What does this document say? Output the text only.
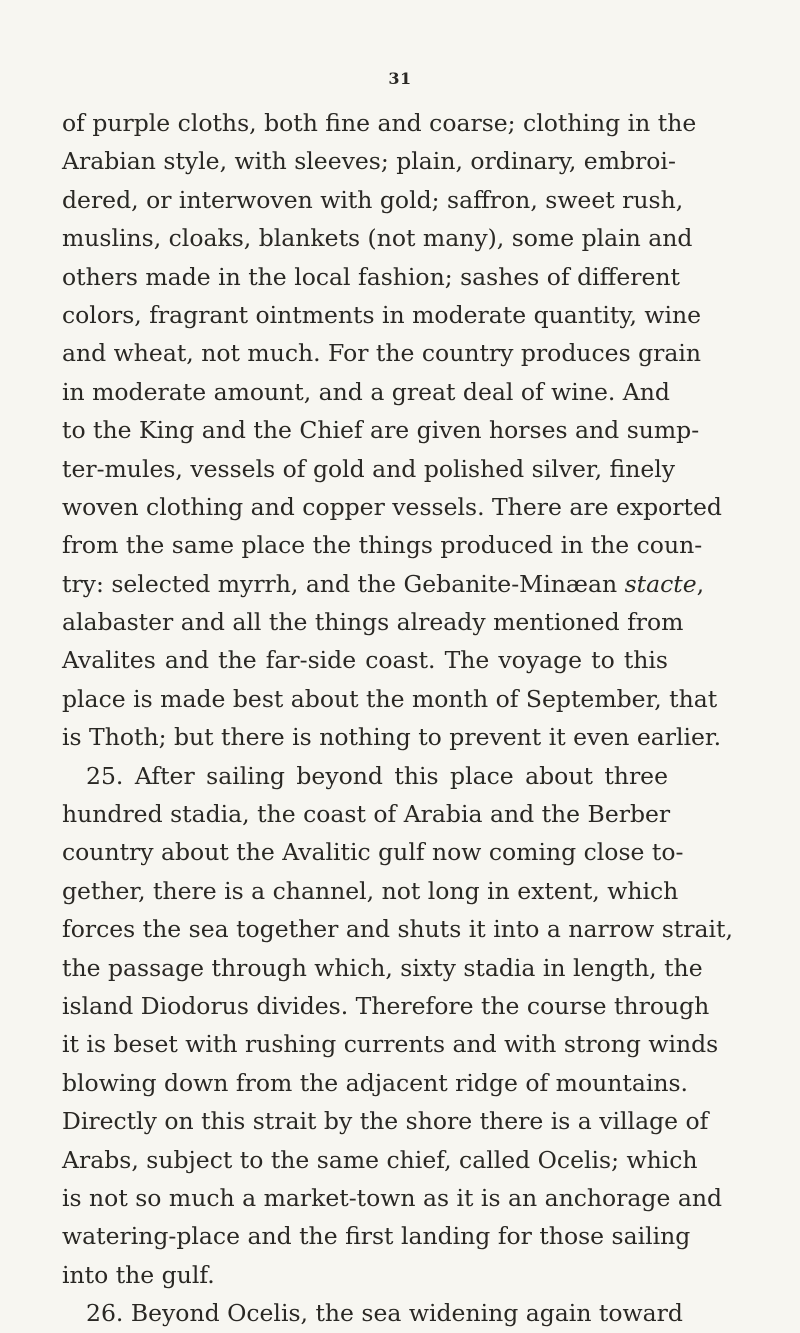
31
of purple cloths, both fine and coarse; clothing in the
Arabian style, with sleeves; plain, ordinary, embroi-
dered, or interwoven with gold; saffron, sweet rush,
muslins, cloaks, blankets (not many), some plain and
others made in the local fashion; sashes of different
colors, fragrant ointments in moderate quantity, wine
and wheat, not much. For the country produces grain
in moderate amount, and a great deal of wine. And
to the King and the Chief are given horses and sump-
ter-mules, vessels of gold and polished silver, finely
woven clothing and copper vessels. There are exported
from the same place the things produced in the coun-
try: selected myrrh, and the Gebanite-Minæan stacte,
alabaster and all the things already mentioned from
Avalites and the far-side coast. The voyage to this
place is made best about the month of September, that
is Thoth; but there is nothing to prevent it even earlier.
25. After sailing beyond this place about three
hundred stadia, the coast of Arabia and the Berber
country about the Avalitic gulf now coming close to-
gether, there is a channel, not long in extent, which
forces the sea together and shuts it into a narrow strait,
the passage through which, sixty stadia in length, the
island Diodorus divides. Therefore the course through
it is beset with rushing currents and with strong winds
blowing down from the adjacent ridge of mountains.
Directly on this strait by the shore there is a village of
Arabs, subject to the same chief, called Ocelis; which
is not so much a market-town as it is an anchorage and
watering-place and the first landing for those sailing
into the gulf.
26. Beyond Ocelis, the sea widening again toward
